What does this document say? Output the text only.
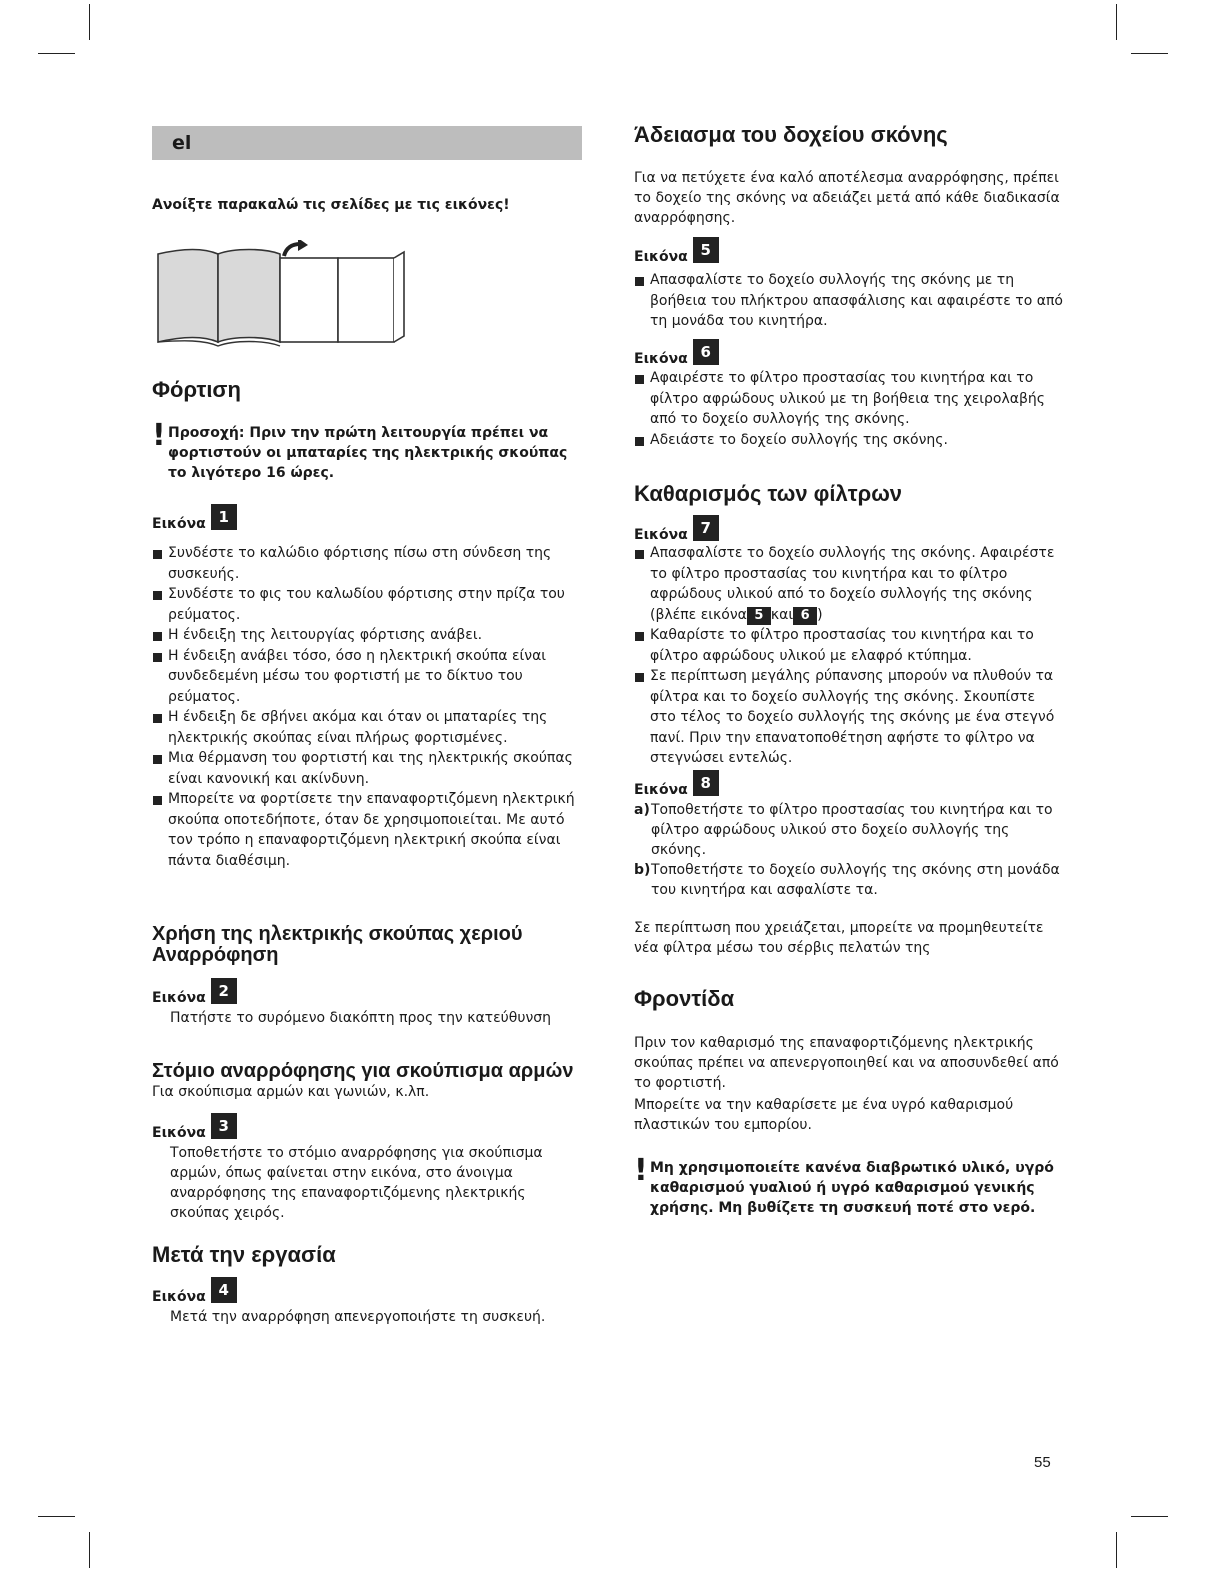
el

Ανοίξτε παρακαλώ τις σελίδες με τις εικόνες!

Φόρτιση
! Προσοχή: Πριν την πρώτη λειτουργία πρέπει να φορτιστούν οι μπαταρίες της ηλεκτρικής σκούπας το λιγότερο 16 ώρες.

Εικόνα 1
Συνδέστε το καλώδιο φόρτισης πίσω στη σύνδεση της συσκευής.
Συνδέστε το φις του καλωδίου φόρτισης στην πρίζα του ρεύματος.
Η ένδειξη της λειτουργίας φόρτισης ανάβει.
Η ένδειξη ανάβει τόσο, όσο η ηλεκτρική σκούπα είναι συνδεδεμένη μέσω του φορτιστή με το δίκτυο του ρεύματος.
Η ένδειξη δε σβήνει ακόμα και όταν οι μπαταρίες της ηλεκτρικής σκούπας είναι πλήρως φορτισμένες.
Μια θέρμανση του φορτιστή και της ηλεκτρικής σκούπας είναι κανονική και ακίνδυνη.
Μπορείτε να φορτίσετε την επαναφορτιζόμενη ηλεκτρική σκούπα οποτεδήποτε, όταν δε χρησιμοποιείται. Με αυτό τον τρόπο η επαναφορτιζόμενη ηλεκτρική σκούπα είναι πάντα διαθέσιμη.
Χρήση της ηλεκτρικής σκούπας χεριού
Αναρρόφηση
Εικόνα 2

Πατήστε το συρόμενο διακόπτη προς την κατεύθυνση

Στόμιο αναρρόφησης για σκούπισμα αρμών

Για σκούπισμα αρμών και γωνιών, κ.λπ.

Εικόνα 3

Τοποθετήστε το στόμιο αναρρόφησης για σκούπισμα αρμών, όπως φαίνεται στην εικόνα, στο άνοιγμα αναρρόφησης της επαναφορτιζόμενης ηλεκτρικής σκούπας χειρός.

Μετά την εργασία
Εικόνα 4

Μετά την αναρρόφηση απενεργοποιήστε τη συσκευή.

Άδειασμα του δοχείου σκόνης

Για να πετύχετε ένα καλό αποτέλεσμα αναρρόφησης, πρέπει το δοχείο της σκόνης να αδειάζει μετά από κάθε διαδικασία αναρρόφησης.

Εικόνα 5
Απασφαλίστε το δοχείο συλλογής της σκόνης με τη βοήθεια του πλήκτρου απασφάλισης και αφαιρέστε το από τη μονάδα του κινητήρα.
Εικόνα 6
Αφαιρέστε το φίλτρο προστασίας του κινητήρα και το φίλτρο αφρώδους υλικού με τη βοήθεια της χειρολαβής από το δοχείο συλλογής της σκόνης.
Αδειάστε το δοχείο συλλογής της σκόνης.
Καθαρισμός των φίλτρων
Εικόνα 7
Απασφαλίστε το δοχείο συλλογής της σκόνης. Αφαιρέστε το φίλτρο προστασίας του κινητήρα και το φίλτρο αφρώδους υλικού από το δοχείο συλλογής της σκόνης (βλέπε εικόνα 5 και 6 )
Καθαρίστε το φίλτρο προστασίας του κινητήρα και το φίλτρο αφρώδους υλικού με ελαφρό κτύπημα.
Σε περίπτωση μεγάλης ρύπανσης μπορούν να πλυθούν τα φίλτρα και το δοχείο συλλογής της σκόνης. Σκουπίστε στο τέλος το δοχείο συλλογής της σκόνης με ένα στεγνό πανί. Πριν την επανατοποθέτηση αφήστε το φίλτρο να στεγνώσει εντελώς.
Εικόνα 8
a) Τοποθετήστε το φίλτρο προστασίας του κινητήρα και το φίλτρο αφρώδους υλικού στο δοχείο συλλογής της σκόνης.
b) Τοποθετήστε το δοχείο συλλογής της σκόνης στη μονάδα του κινητήρα και ασφαλίστε τα.

Σε περίπτωση που χρειάζεται, μπορείτε να προμηθευτείτε νέα φίλτρα μέσω του σέρβις πελατών της

Φροντίδα

Πριν τον καθαρισμό της επαναφορτιζόμενης ηλεκτρικής σκούπας πρέπει να απενεργοποιηθεί και να αποσυνδεθεί από το φορτιστή.

Μπορείτε να την καθαρίσετε με ένα υγρό καθαρισμού πλαστικών του εμπορίου.

! Μη χρησιμοποιείτε κανένα διαβρωτικό υλικό, υγρό καθαρισμού γυαλιού ή υγρό καθαρισμού γενικής χρήσης. Μη βυθίζετε τη συσκευή ποτέ στο νερό.

55
